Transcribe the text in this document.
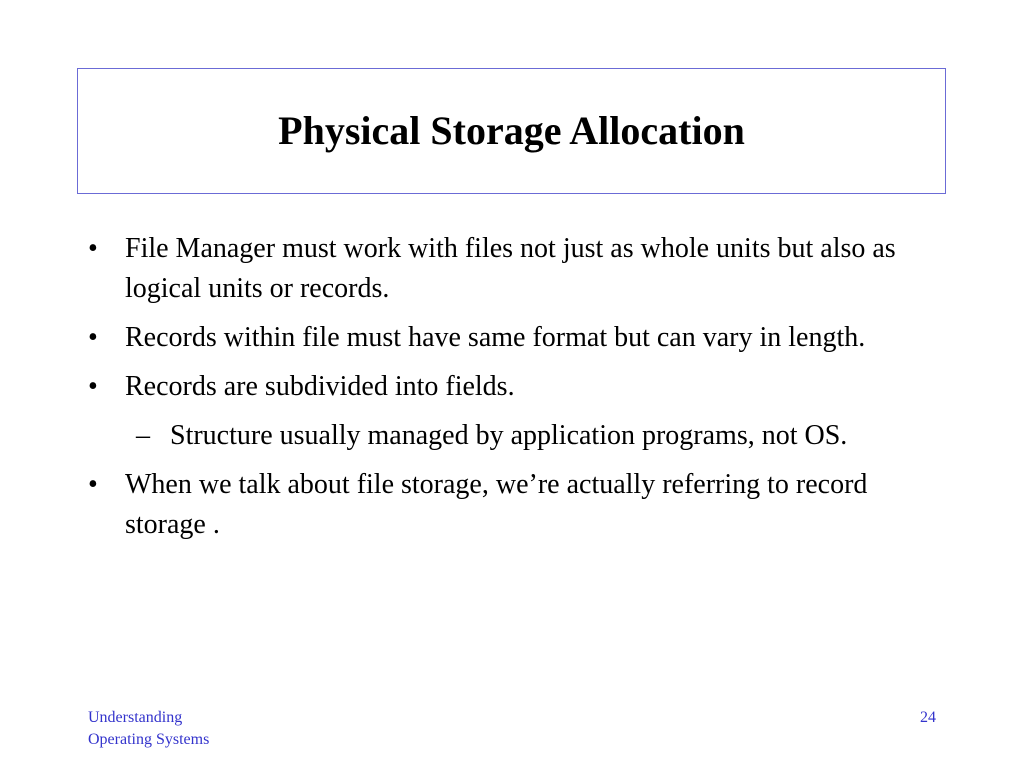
Physical Storage Allocation
• File Manager must work with files not just as whole units but also as logical units or records.
• Records within file must have same format but can vary in length.
• Records are subdivided into fields.
– Structure usually managed by application programs, not OS.
• When we talk about file storage, we’re actually referring to record storage .
Understanding
Operating Systems
24
